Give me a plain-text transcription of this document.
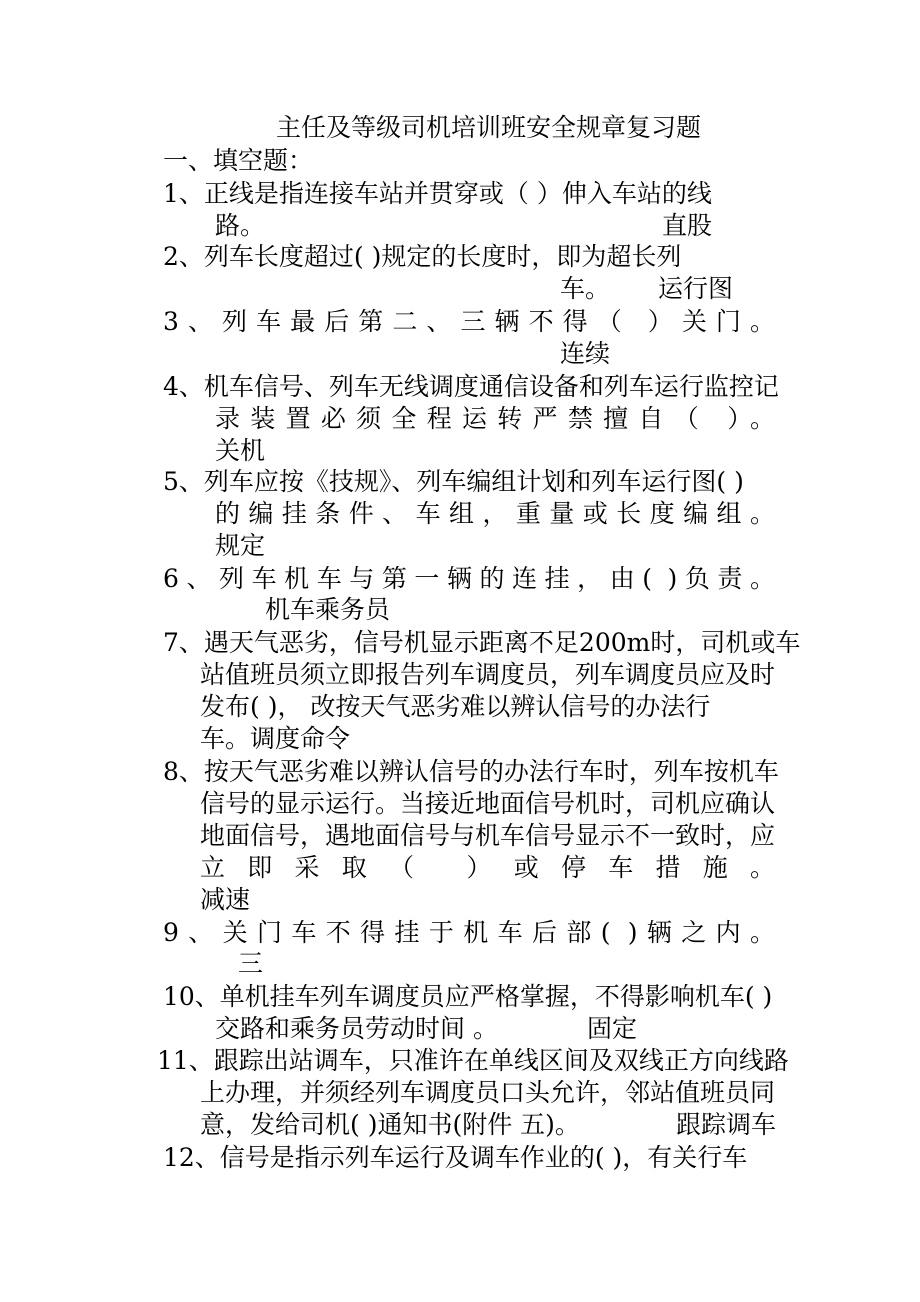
主任及等级司机培训班安全规章复习题
一、填空题：
1、正线是指连接车站并贯穿或（ ）伸入车站的线
路。	直股
2、列车长度超过( )规定的长度时，即为超长列
车。 运行图
3、列车最后第二、三辆不得（ ）关门。
连续
4、机车信号、列车无线调度通信设备和列车运行监控记
录装置必须全程运转严禁擅自（ ）。
关机
5、列车应按《技规》、列车编组计划和列车运行图( )
的编挂条件、车组，重量或长度编组。
规定
6、列车机车与第一辆的连挂，由( )负责。
机车乘务员
7、遇天气恶劣，信号机显示距离不足200m时，司机或车
站值班员须立即报告列车调度员，列车调度员应及时
发布( )， 改按天气恶劣难以辨认信号的办法行
车。调度命令
8、按天气恶劣难以辨认信号的办法行车时，列车按机车
信号的显示运行。当接近地面信号机时，司机应确认
地面信号，遇地面信号与机车信号显示不一致时，应
立即采取（ ）或停车措施。
减速
9、关门车不得挂于机车后部( )辆之内。
三
10、单机挂车列车调度员应严格掌握，不得影响机车( )
交路和乘务员劳动时间 。	固定
11、跟踪出站调车，只准许在单线区间及双线正方向线路
上办理，并须经列车调度员口头允许，邻站值班员同
意，发给司机( )通知书(附件 五)。	跟踪调车
12、信号是指示列车运行及调车作业的( )，有关行车
